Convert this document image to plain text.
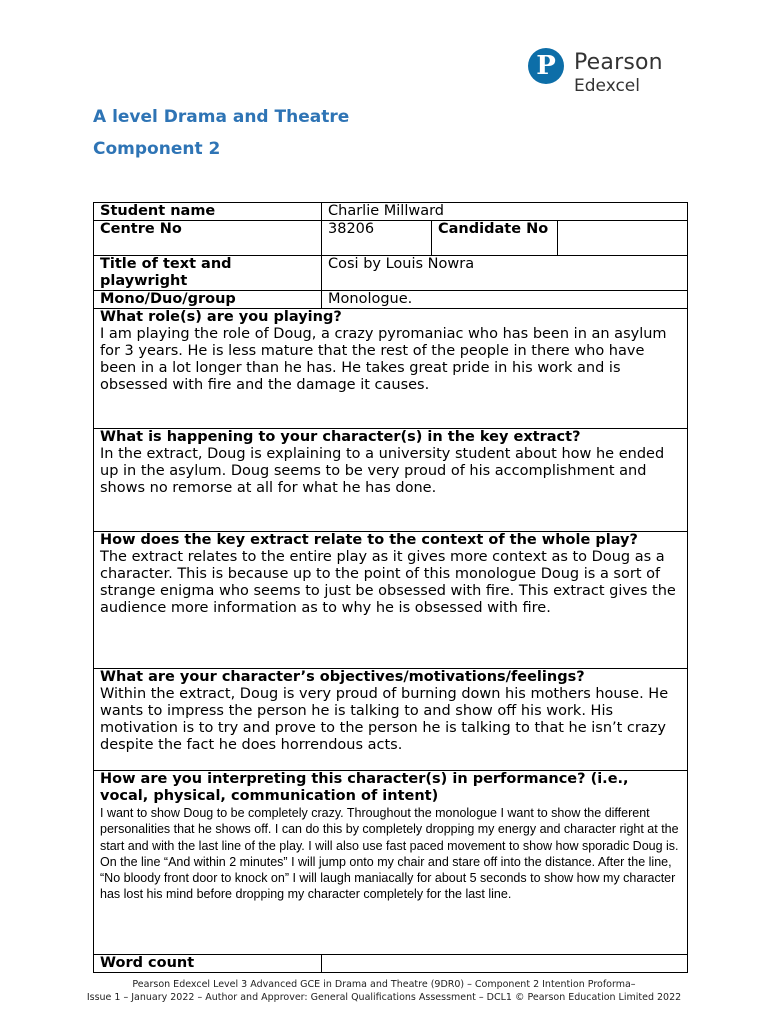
P Pearson
Edexcel
A level Drama and Theatre
Component 2
Student name	Charlie Millward		
Centre No	38206	Candidate No	
Title of text and playwright	Cosi by Louis Nowra		
Mono/Duo/group	Monologue.		

What role(s) are you playing?
I am playing the role of Doug, a crazy pyromaniac who has been in an asylum for 3 years. He is less mature that the rest of the people in there who have been in a lot longer than he has. He takes great pride in his work and is obsessed with fire and the damage it causes.			

What is happening to your character(s) in the key extract?
In the extract, Doug is explaining to a university student about how he ended up in the asylum. Doug seems to be very proud of his accomplishment and shows no remorse at all for what he has done.			

How does the key extract relate to the context of the whole play?
The extract relates to the entire play as it gives more context as to Doug as a character. This is because up to the point of this monologue Doug is a sort of strange enigma who seems to just be obsessed with fire. This extract gives the audience more information as to why he is obsessed with fire.			

What are your character’s objectives/motivations/feelings?
Within the extract, Doug is very proud of burning down his mothers house. He wants to impress the person he is talking to and show off his work. His motivation is to try and prove to the person he is talking to that he isn’t crazy despite the fact he does horrendous acts.			

How are you interpreting this character(s) in performance? (i.e., vocal, physical, communication of intent)
I want to show Doug to be completely crazy. Throughout the monologue I want to show the different personalities that he shows off. I can do this by completely dropping my energy and character right at the start and with the last line of the play. I will also use fast paced movement to show how sporadic Doug is. On the line “And within 2 minutes” I will jump onto my chair and stare off into the distance. After the line, “No bloody front door to knock on” I will laugh maniacally for about 5 seconds to show how my character has lost his mind before dropping my character completely for the last line.			

Word count			
Pearson Edexcel Level 3 Advanced GCE in Drama and Theatre (9DR0) – Component 2 Intention Proforma–
Issue 1 – January 2022 – Author and Approver: General Qualifications Assessment – DCL1 © Pearson Education Limited 2022
